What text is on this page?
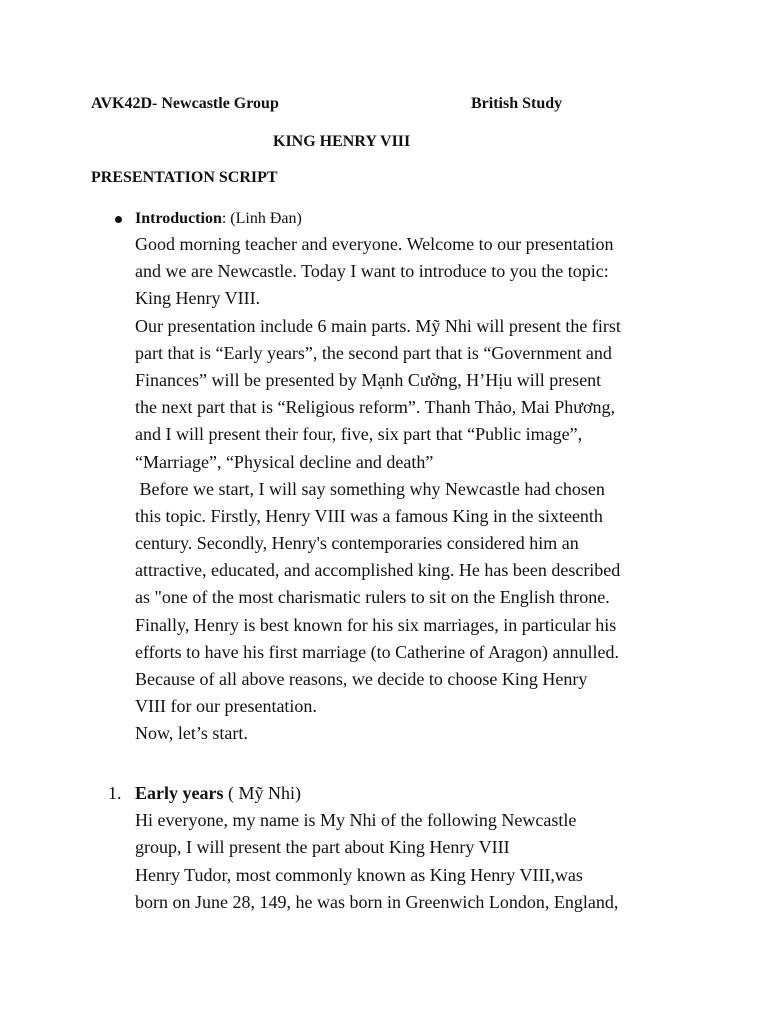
AVK42D- Newcastle Group	British Study
KING HENRY VIII
PRESENTATION SCRIPT
Introduction: (Linh Đan)
Good morning teacher and everyone. Welcome to our presentation
and we are Newcastle. Today I want to introduce to you the topic:
King Henry VIII.
Our presentation include 6 main parts. Mỹ Nhi will present the first
part that is “Early years”, the second part that is “Government and
Finances” will be presented by Mạnh Cường, H’Hịu will present
the next part that is “Religious reform”. Thanh Thảo, Mai Phương,
and I will present their four, five, six part that “Public image”,
“Marriage”, “Physical decline and death”
Before we start, I will say something why Newcastle had chosen
this topic. Firstly, Henry VIII was a famous King in the sixteenth
century. Secondly, Henry's contemporaries considered him an
attractive, educated, and accomplished king. He has been described
as "one of the most charismatic rulers to sit on the English throne.
Finally, Henry is best known for his six marriages, in particular his
efforts to have his first marriage (to Catherine of Aragon) annulled.
Because of all above reasons, we decide to choose King Henry
VIII for our presentation.
Now, let’s start.
1. Early years ( Mỹ Nhi)
Hi everyone, my name is My Nhi of the following Newcastle
group, I will present the part about King Henry VIII
Henry Tudor, most commonly known as King Henry VIII,was
born on June 28, 149, he was born in Greenwich London, England,
